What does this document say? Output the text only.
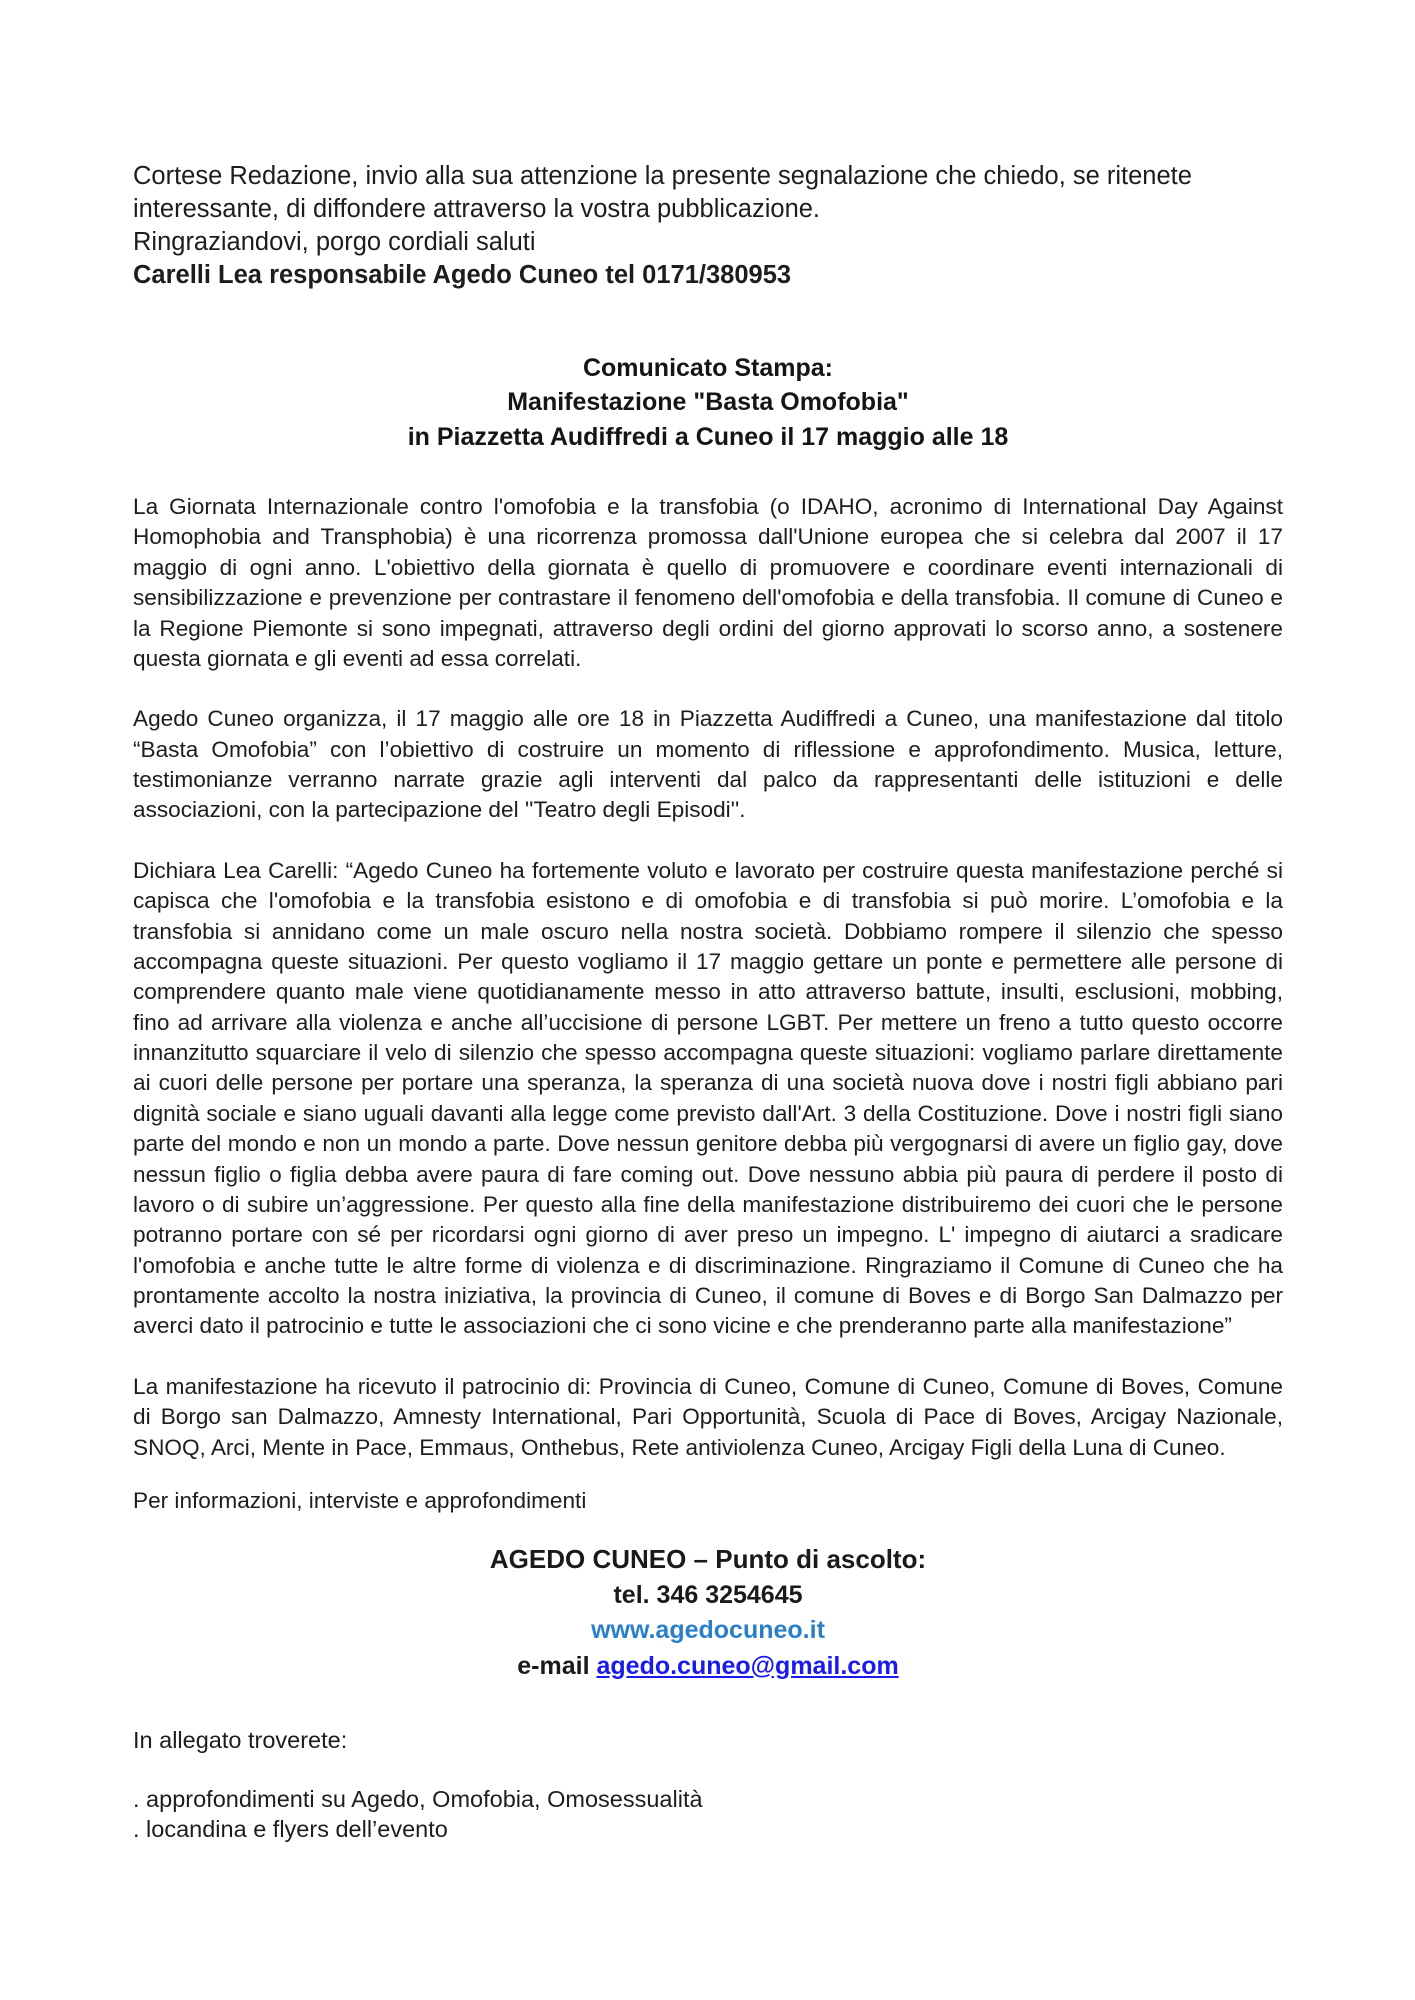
Cortese Redazione, invio alla sua attenzione la presente segnalazione che chiedo, se ritenete interessante, di diffondere attraverso la vostra pubblicazione.
Ringraziandovi, porgo cordiali saluti
Carelli Lea responsabile Agedo Cuneo tel 0171/380953
Comunicato Stampa:
Manifestazione "Basta Omofobia"
in Piazzetta Audiffredi a Cuneo il 17 maggio alle 18

La Giornata Internazionale contro l'omofobia e la transfobia (o IDAHO, acronimo di International Day Against Homophobia and Transphobia) è una ricorrenza promossa dall'Unione europea che si celebra dal 2007 il 17 maggio di ogni anno. L'obiettivo della giornata è quello di promuovere e coordinare eventi internazionali di sensibilizzazione e prevenzione per contrastare il fenomeno dell'omofobia e della transfobia. Il comune di Cuneo e la Regione Piemonte si sono impegnati, attraverso degli ordini del giorno approvati lo scorso anno, a sostenere questa giornata e gli eventi ad essa correlati.

Agedo Cuneo organizza, il 17 maggio alle ore 18 in Piazzetta Audiffredi a Cuneo, una manifestazione dal titolo “Basta Omofobia” con l’obiettivo di costruire un momento di riflessione e approfondimento. Musica, letture, testimonianze verranno narrate grazie agli interventi dal palco da rappresentanti delle istituzioni e delle associazioni, con la partecipazione del ''Teatro degli Episodi''.

Dichiara Lea Carelli: “Agedo Cuneo ha fortemente voluto e lavorato per costruire questa manifestazione perché si capisca che l'omofobia e la transfobia esistono e di omofobia e di transfobia si può morire. L’omofobia e la transfobia si annidano come un male oscuro nella nostra società. Dobbiamo rompere il silenzio che spesso accompagna queste situazioni. Per questo vogliamo il 17 maggio gettare un ponte e permettere alle persone di comprendere quanto male viene quotidianamente messo in atto attraverso battute, insulti, esclusioni, mobbing, fino ad arrivare alla violenza e anche all’uccisione di persone LGBT. Per mettere un freno a tutto questo occorre innanzitutto squarciare il velo di silenzio che spesso accompagna queste situazioni: vogliamo parlare direttamente ai cuori delle persone per portare una speranza, la speranza di una società nuova dove i nostri figli abbiano pari dignità sociale e siano uguali davanti alla legge come previsto dall'Art. 3 della Costituzione. Dove i nostri figli siano parte del mondo e non un mondo a parte. Dove nessun genitore debba più vergognarsi di avere un figlio gay, dove nessun figlio o figlia debba avere paura di fare coming out. Dove nessuno abbia più paura di perdere il posto di lavoro o di subire un’aggressione. Per questo alla fine della manifestazione distribuiremo dei cuori che le persone potranno portare con sé per ricordarsi ogni giorno di aver preso un impegno. L' impegno di aiutarci a sradicare l'omofobia e anche tutte le altre forme di violenza e di discriminazione. Ringraziamo il Comune di Cuneo che ha prontamente accolto la nostra iniziativa, la provincia di Cuneo, il comune di Boves e di Borgo San Dalmazzo per averci dato il patrocinio e tutte le associazioni che ci sono vicine e che prenderanno parte alla manifestazione”

La manifestazione ha ricevuto il patrocinio di: Provincia di Cuneo, Comune di Cuneo, Comune di Boves, Comune di Borgo san Dalmazzo, Amnesty International, Pari Opportunità, Scuola di Pace di Boves, Arcigay Nazionale, SNOQ, Arci, Mente in Pace, Emmaus, Onthebus, Rete antiviolenza Cuneo, Arcigay Figli della Luna di Cuneo.

Per informazioni, interviste e approfondimenti

AGEDO CUNEO – Punto di ascolto:
tel. 346 3254645
www.agedocuneo.it
e-mail agedo.cuneo@gmail.com
In allegato troverete:
. approfondimenti su Agedo, Omofobia, Omosessualità
. locandina e flyers dell’evento
